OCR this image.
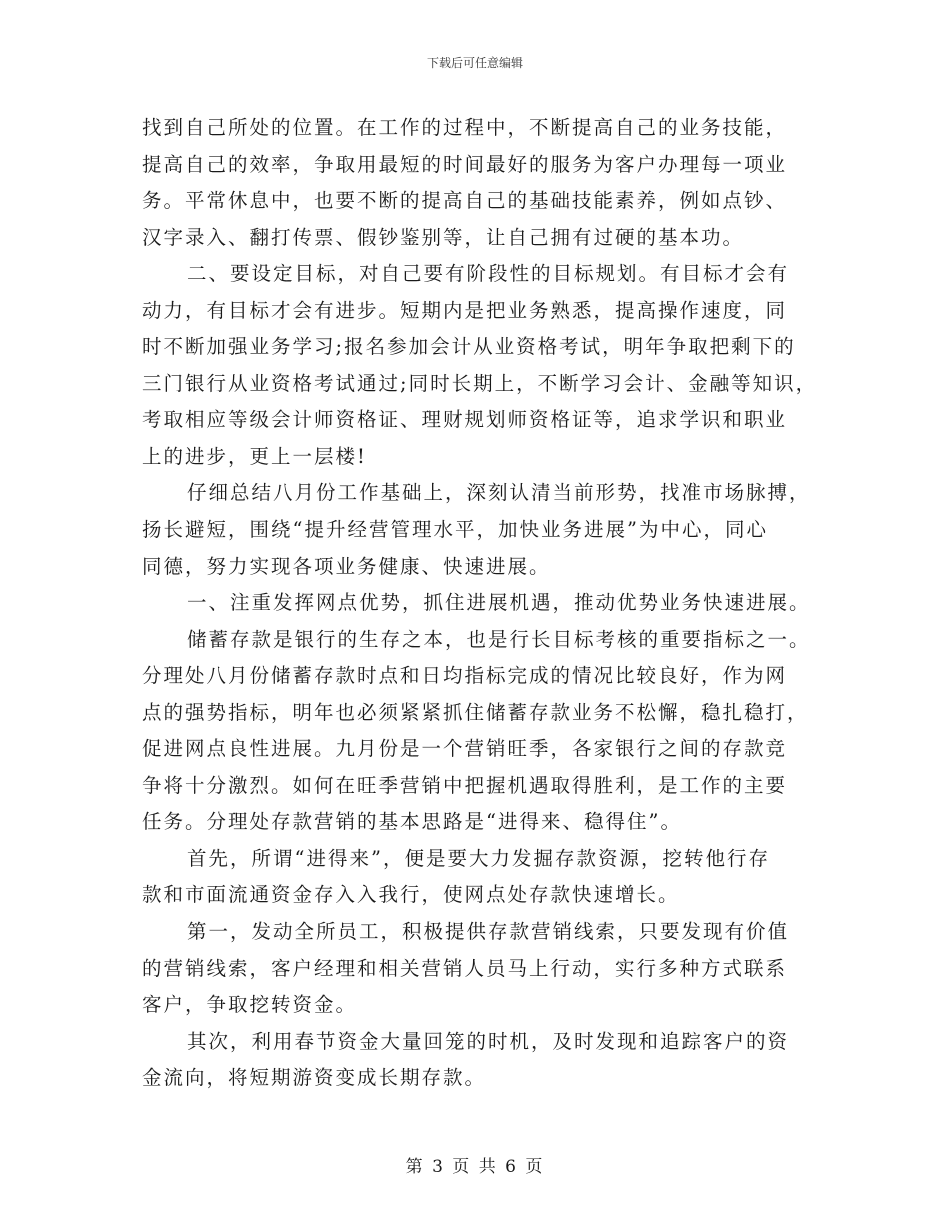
下载后可任意编辑
找到自己所处的位置。在工作的过程中，不断提高自己的业务技能，
提高自己的效率，争取用最短的时间最好的服务为客户办理每一项业
务。平常休息中，也要不断的提高自己的基础技能素养，例如点钞、
汉字录入、翻打传票、假钞鉴别等，让自己拥有过硬的基本功。
二、要设定目标，对自己要有阶段性的目标规划。有目标才会有
动力，有目标才会有进步。短期内是把业务熟悉，提高操作速度，同
时不断加强业务学习;报名参加会计从业资格考试，明年争取把剩下的
三门银行从业资格考试通过;同时长期上，不断学习会计、金融等知识，
考取相应等级会计师资格证、理财规划师资格证等，追求学识和职业
上的进步，更上一层楼!
仔细总结八月份工作基础上，深刻认清当前形势，找准市场脉搏，
扬长避短，围绕“提升经营管理水平，加快业务进展”为中心，同心
同德，努力实现各项业务健康、快速进展。
一、注重发挥网点优势，抓住进展机遇，推动优势业务快速进展。
储蓄存款是银行的生存之本，也是行长目标考核的重要指标之一。
分理处八月份储蓄存款时点和日均指标完成的情况比较良好，作为网
点的强势指标，明年也必须紧紧抓住储蓄存款业务不松懈，稳扎稳打，
促进网点良性进展。九月份是一个营销旺季，各家银行之间的存款竞
争将十分激烈。如何在旺季营销中把握机遇取得胜利，是工作的主要
任务。分理处存款营销的基本思路是“进得来、稳得住”。
首先，所谓“进得来”，便是要大力发掘存款资源，挖转他行存
款和市面流通资金存入入我行，使网点处存款快速增长。
第一，发动全所员工，积极提供存款营销线索，只要发现有价值
的营销线索，客户经理和相关营销人员马上行动，实行多种方式联系
客户，争取挖转资金。
其次，利用春节资金大量回笼的时机，及时发现和追踪客户的资
金流向，将短期游资变成长期存款。
第 3 页 共 6 页
